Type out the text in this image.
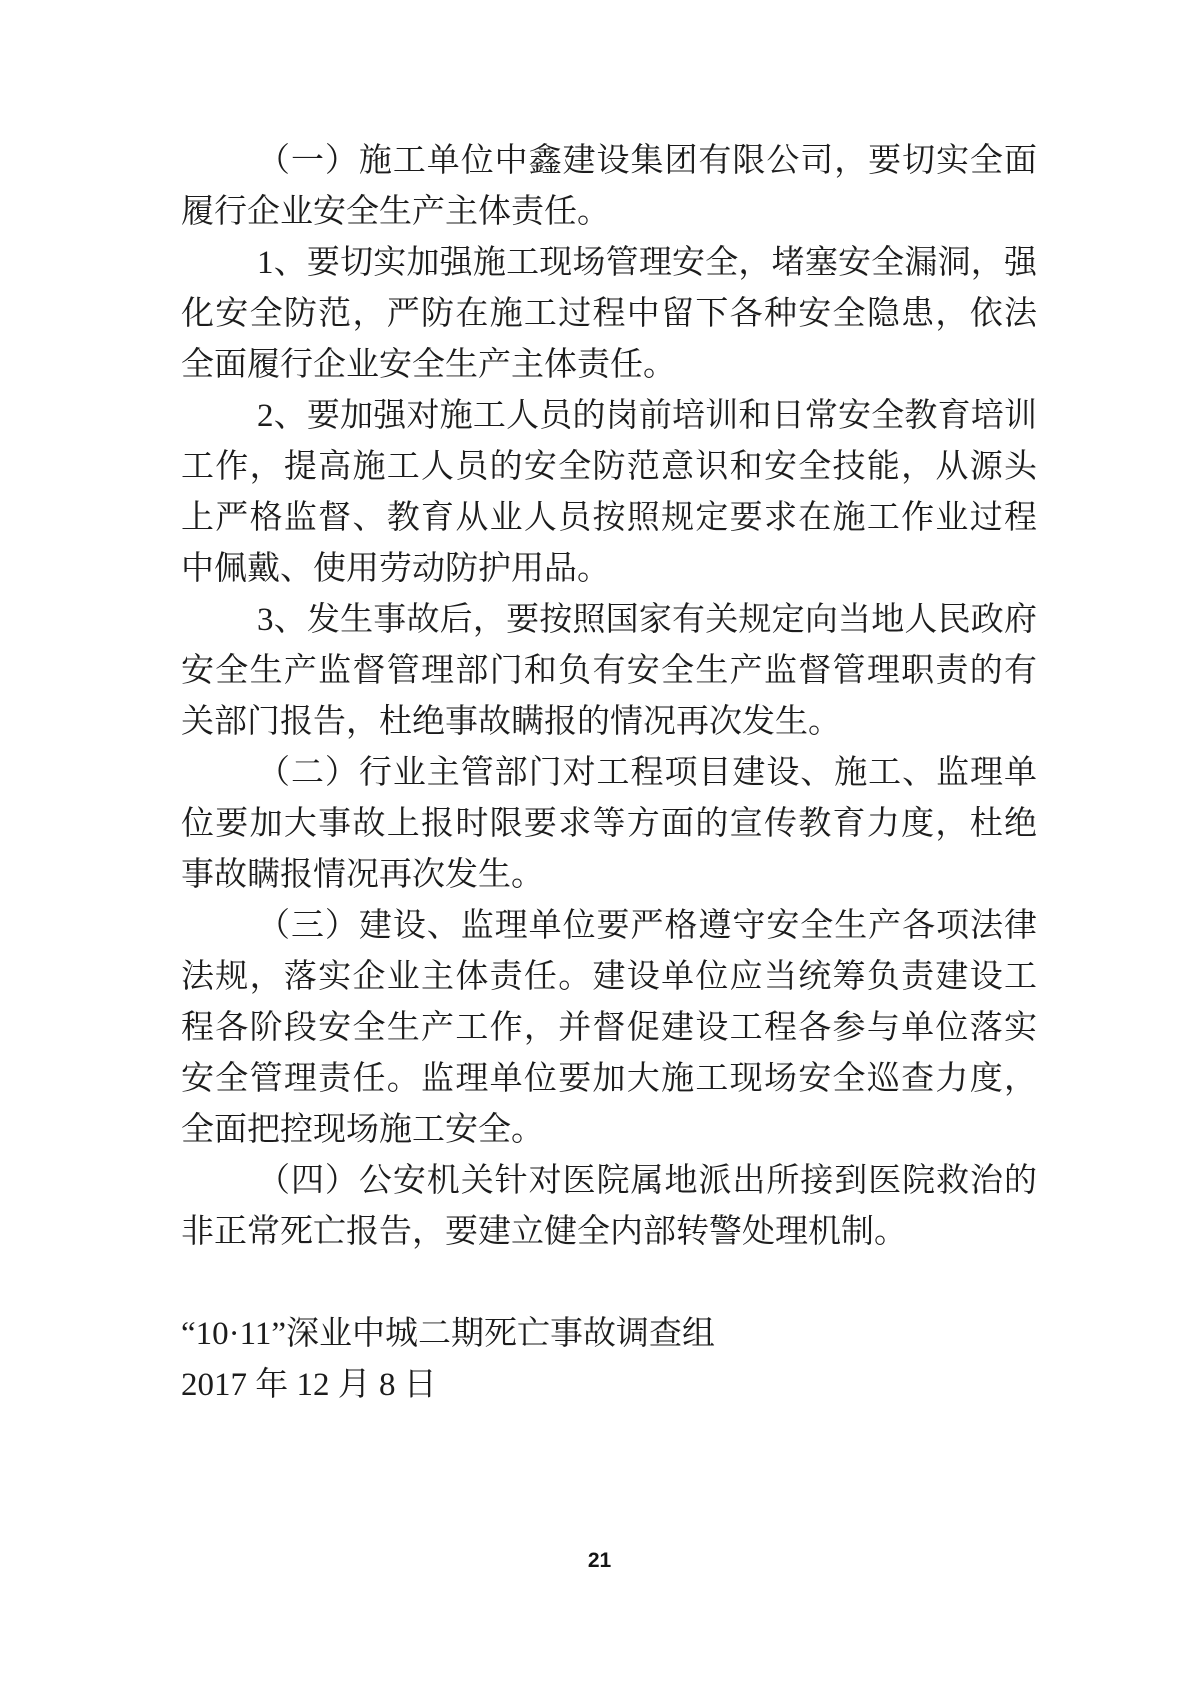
（一）施工单位中鑫建设集团有限公司，要切实全面履行企业安全生产主体责任。

1、要切实加强施工现场管理安全，堵塞安全漏洞，强化安全防范，严防在施工过程中留下各种安全隐患，依法全面履行企业安全生产主体责任。

2、要加强对施工人员的岗前培训和日常安全教育培训工作，提高施工人员的安全防范意识和安全技能，从源头上严格监督、教育从业人员按照规定要求在施工作业过程中佩戴、使用劳动防护用品。

3、发生事故后，要按照国家有关规定向当地人民政府安全生产监督管理部门和负有安全生产监督管理职责的有关部门报告，杜绝事故瞒报的情况再次发生。

（二）行业主管部门对工程项目建设、施工、监理单位要加大事故上报时限要求等方面的宣传教育力度，杜绝事故瞒报情况再次发生。

（三）建设、监理单位要严格遵守安全生产各项法律法规，落实企业主体责任。建设单位应当统筹负责建设工程各阶段安全生产工作，并督促建设工程各参与单位落实安全管理责任。监理单位要加大施工现场安全巡查力度，全面把控现场施工安全。

（四）公安机关针对医院属地派出所接到医院救治的非正常死亡报告，要建立健全内部转警处理机制。

“10·11”深业中城二期死亡事故调查组

2017 年 12 月 8 日

21
